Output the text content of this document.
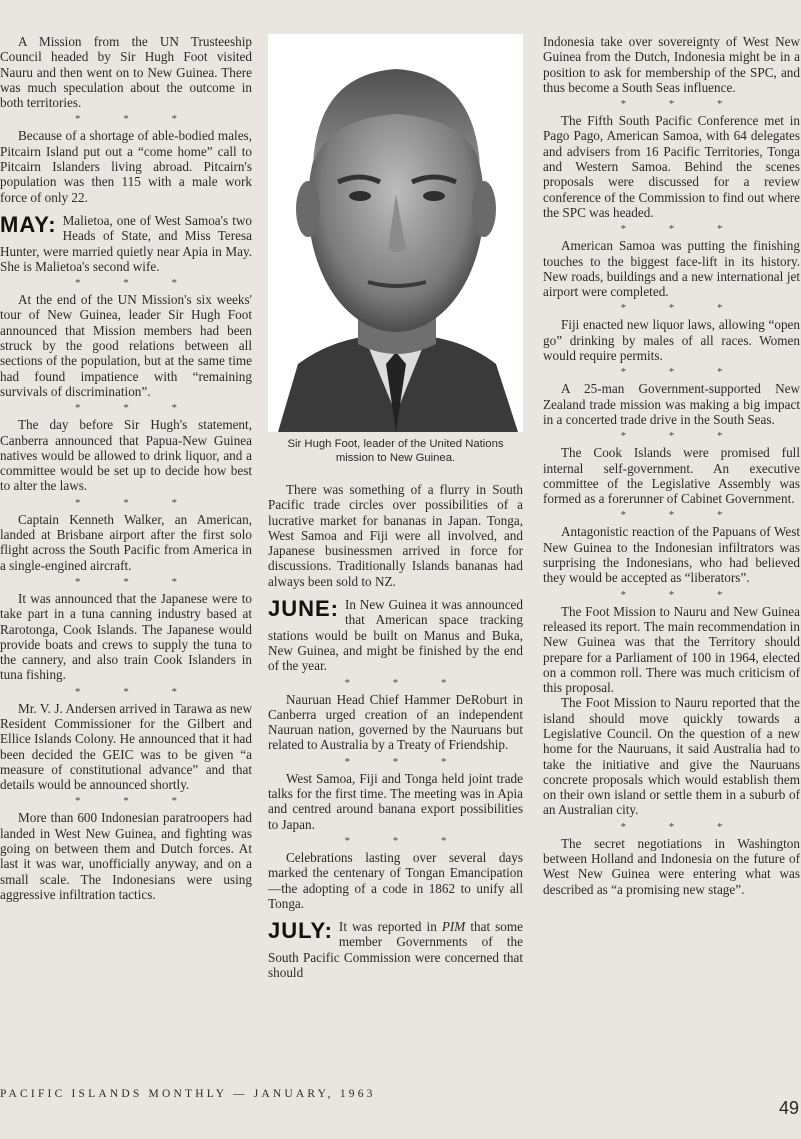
A Mission from the UN Trusteeship Council headed by Sir Hugh Foot visited Nauru and then went on to New Guinea. There was much speculation about the outcome in both territories.

* * *

Because of a shortage of able-bodied males, Pitcairn Island put out a “come home” call to Pitcairn Islanders living abroad. Pitcairn's population was then 115 with a male work force of only 22.

MAY: Malietoa, one of West Samoa's two Heads of State, and Miss Teresa Hunter, were married quietly near Apia in May. She is Malietoa's second wife.

* * *

At the end of the UN Mission's six weeks' tour of New Guinea, leader Sir Hugh Foot announced that Mission members had been struck by the good relations between all sections of the population, but at the same time had found impatience with “remaining survivals of discrimination”.

* * *

The day before Sir Hugh's statement, Canberra announced that Papua-New Guinea natives would be allowed to drink liquor, and a committee would be set up to decide how best to alter the laws.

* * *

Captain Kenneth Walker, an American, landed at Brisbane airport after the first solo flight across the South Pacific from America in a single-engined aircraft.

* * *

It was announced that the Japanese were to take part in a tuna canning industry based at Rarotonga, Cook Islands. The Japanese would provide boats and crews to supply the tuna to the cannery, and also train Cook Islanders in tuna fishing.

* * *

Mr. V. J. Andersen arrived in Tarawa as new Resident Commissioner for the Gilbert and Ellice Islands Colony. He announced that it had been decided the GEIC was to be given “a measure of constitutional advance” and that details would be announced shortly.

* * *

More than 600 Indonesian paratroopers had landed in West New Guinea, and fighting was going on between them and Dutch forces. At last it was war, unofficially anyway, and on a small scale. The Indonesians were using aggressive infiltration tactics.

Sir Hugh Foot, leader of the United Nations mission to New Guinea.

There was something of a flurry in South Pacific trade circles over possibilities of a lucrative market for bananas in Japan. Tonga, West Samoa and Fiji were all involved, and Japanese businessmen arrived in force for discussions. Traditionally Islands bananas had always been sold to NZ.

JUNE: In New Guinea it was announced that American space tracking stations would be built on Manus and Buka, New Guinea, and might be finished by the end of the year.

* * *

Nauruan Head Chief Hammer DeRoburt in Canberra urged creation of an independent Nauruan nation, governed by the Nauruans but related to Australia by a Treaty of Friendship.

* * *

West Samoa, Fiji and Tonga held joint trade talks for the first time. The meeting was in Apia and centred around banana export possibilities to Japan.

* * *

Celebrations lasting over several days marked the centenary of Tongan Emancipation—the adopting of a code in 1862 to unify all Tonga.

JULY: It was reported in PIM that some member Governments of the South Pacific Commission were concerned that should

Indonesia take over sovereignty of West New Guinea from the Dutch, Indonesia might be in a position to ask for membership of the SPC, and thus become a South Seas influence.

* * *

The Fifth South Pacific Conference met in Pago Pago, American Samoa, with 64 delegates and advisers from 16 Pacific Territories, Tonga and Western Samoa. Behind the scenes proposals were discussed for a review conference of the Commission to find out where the SPC was headed.

* * *

American Samoa was putting the finishing touches to the biggest face-lift in its history. New roads, buildings and a new international jet airport were completed.

* * *

Fiji enacted new liquor laws, allowing “open go” drinking by males of all races. Women would require permits.

* * *

A 25-man Government-supported New Zealand trade mission was making a big impact in a concerted trade drive in the South Seas.

* * *

The Cook Islands were promised full internal self-government. An executive committee of the Legislative Assembly was formed as a forerunner of Cabinet Government.

* * *

Antagonistic reaction of the Papuans of West New Guinea to the Indonesian infiltrators was surprising the Indonesians, who had believed they would be accepted as “liberators”.

* * *

The Foot Mission to Nauru and New Guinea released its report. The main recommendation in New Guinea was that the Territory should prepare for a Parliament of 100 in 1964, elected on a common roll. There was much criticism of this proposal.

The Foot Mission to Nauru reported that the island should move quickly towards a Legislative Council. On the question of a new home for the Nauruans, it said Australia had to take the initiative and give the Nauruans concrete proposals which would establish them on their own island or settle them in a suburb of an Australian city.

* * *

The secret negotiations in Washington between Holland and Indonesia on the future of West New Guinea were entering what was described as “a promising new stage”.

PACIFIC ISLANDS MONTHLY — JANUARY, 1963
49
